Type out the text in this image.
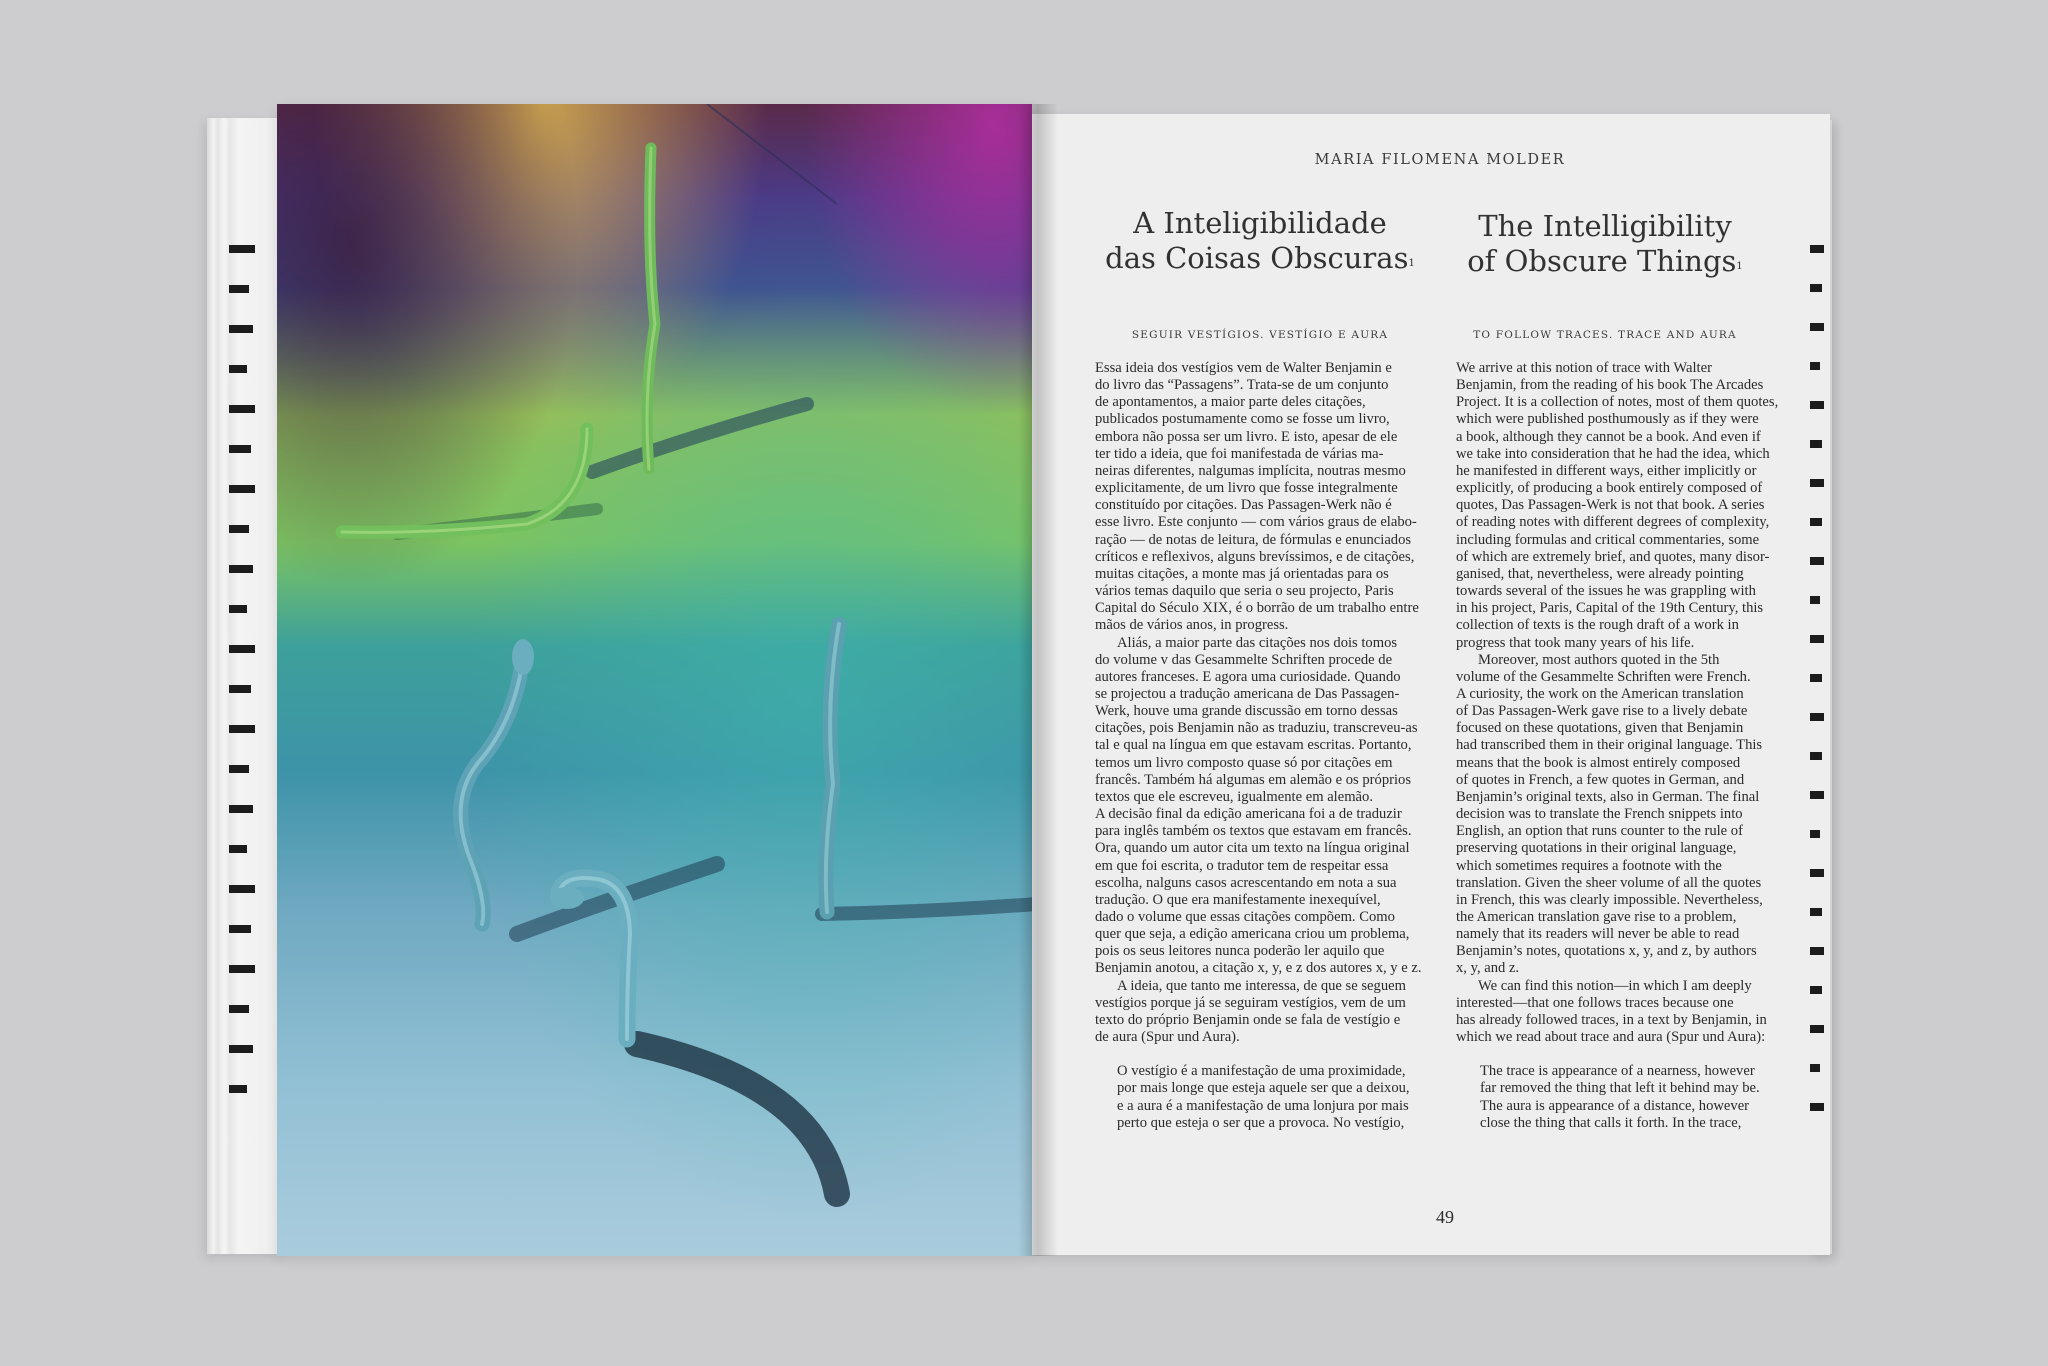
MARIA FILOMENA MOLDER
A Inteligibilidade
das Coisas Obscuras$^1$
The Intelligibility
of Obscure Things$^1$
SEGUIR VESTÍGIOS. VESTÍGIO E AURA	TO FOLLOW TRACES. TRACE AND AURA

Essa ideia dos vestígios vem de Walter Benjamin e
do livro das “Passagens”. Trata-se de um conjunto
de apontamentos, a maior parte deles citações,
publicados postumamente como se fosse um livro,
embora não possa ser um livro. E isto, apesar de ele
ter tido a ideia, que foi manifestada de várias ma-
neiras diferentes, nalgumas implícita, noutras mesmo
explicitamente, de um livro que fosse integralmente
constituído por citações. Das Passagen-Werk não é
esse livro. Este conjunto — com vários graus de elabo-
ração — de notas de leitura, de fórmulas e enunciados
críticos e reflexivos, alguns brevíssimos, e de citações,
muitas citações, a monte mas já orientadas para os
vários temas daquilo que seria o seu projecto, Paris
Capital do Século XIX, é o borrão de um trabalho entre
mãos de vários anos, in progress.

Aliás, a maior parte das citações nos dois tomos
do volume v das Gesammelte Schriften procede de
autores franceses. E agora uma curiosidade. Quando
se projectou a tradução americana de Das Passagen-
Werk, houve uma grande discussão em torno dessas
citações, pois Benjamin não as traduziu, transcreveu-as
tal e qual na língua em que estavam escritas. Portanto,
temos um livro composto quase só por citações em
francês. Também há algumas em alemão e os próprios
textos que ele escreveu, igualmente em alemão.
A decisão final da edição americana foi a de traduzir
para inglês também os textos que estavam em francês.
Ora, quando um autor cita um texto na língua original
em que foi escrita, o tradutor tem de respeitar essa
escolha, nalguns casos acrescentando em nota a sua
tradução. O que era manifestamente inexequível,
dado o volume que essas citações compõem. Como
quer que seja, a edição americana criou um problema,
pois os seus leitores nunca poderão ler aquilo que
Benjamin anotou, a citação x, y, e z dos autores x, y e z.

A ideia, que tanto me interessa, de que se seguem
vestígios porque já se seguiram vestígios, vem de um
texto do próprio Benjamin onde se fala de vestígio e
de aura (Spur und Aura).

O vestígio é a manifestação de uma proximidade,
por mais longe que esteja aquele ser que a deixou,
e a aura é a manifestação de uma lonjura por mais
perto que esteja o ser que a provoca. No vestígio,

We arrive at this notion of trace with Walter
Benjamin, from the reading of his book The Arcades
Project. It is a collection of notes, most of them quotes,
which were published posthumously as if they were
a book, although they cannot be a book. And even if
we take into consideration that he had the idea, which
he manifested in different ways, either implicitly or
explicitly, of producing a book entirely composed of
quotes, Das Passagen-Werk is not that book. A series
of reading notes with different degrees of complexity,
including formulas and critical commentaries, some
of which are extremely brief, and quotes, many disor-
ganised, that, nevertheless, were already pointing
towards several of the issues he was grappling with
in his project, Paris, Capital of the 19th Century, this
collection of texts is the rough draft of a work in
progress that took many years of his life.

Moreover, most authors quoted in the 5th
volume of the Gesammelte Schriften were French.
A curiosity, the work on the American translation
of Das Passagen-Werk gave rise to a lively debate
focused on these quotations, given that Benjamin
had transcribed them in their original language. This
means that the book is almost entirely composed
of quotes in French, a few quotes in German, and
Benjamin’s original texts, also in German. The final
decision was to translate the French snippets into
English, an option that runs counter to the rule of
preserving quotations in their original language,
which sometimes requires a footnote with the
translation. Given the sheer volume of all the quotes
in French, this was clearly impossible. Nevertheless,
the American translation gave rise to a problem,
namely that its readers will never be able to read
Benjamin’s notes, quotations x, y, and z, by authors
x, y, and z.

We can find this notion—in which I am deeply
interested—that one follows traces because one
has already followed traces, in a text by Benjamin, in
which we read about trace and aura (Spur und Aura):

The trace is appearance of a nearness, however
far removed the thing that left it behind may be.
The aura is appearance of a distance, however
close the thing that calls it forth. In the trace,

49
